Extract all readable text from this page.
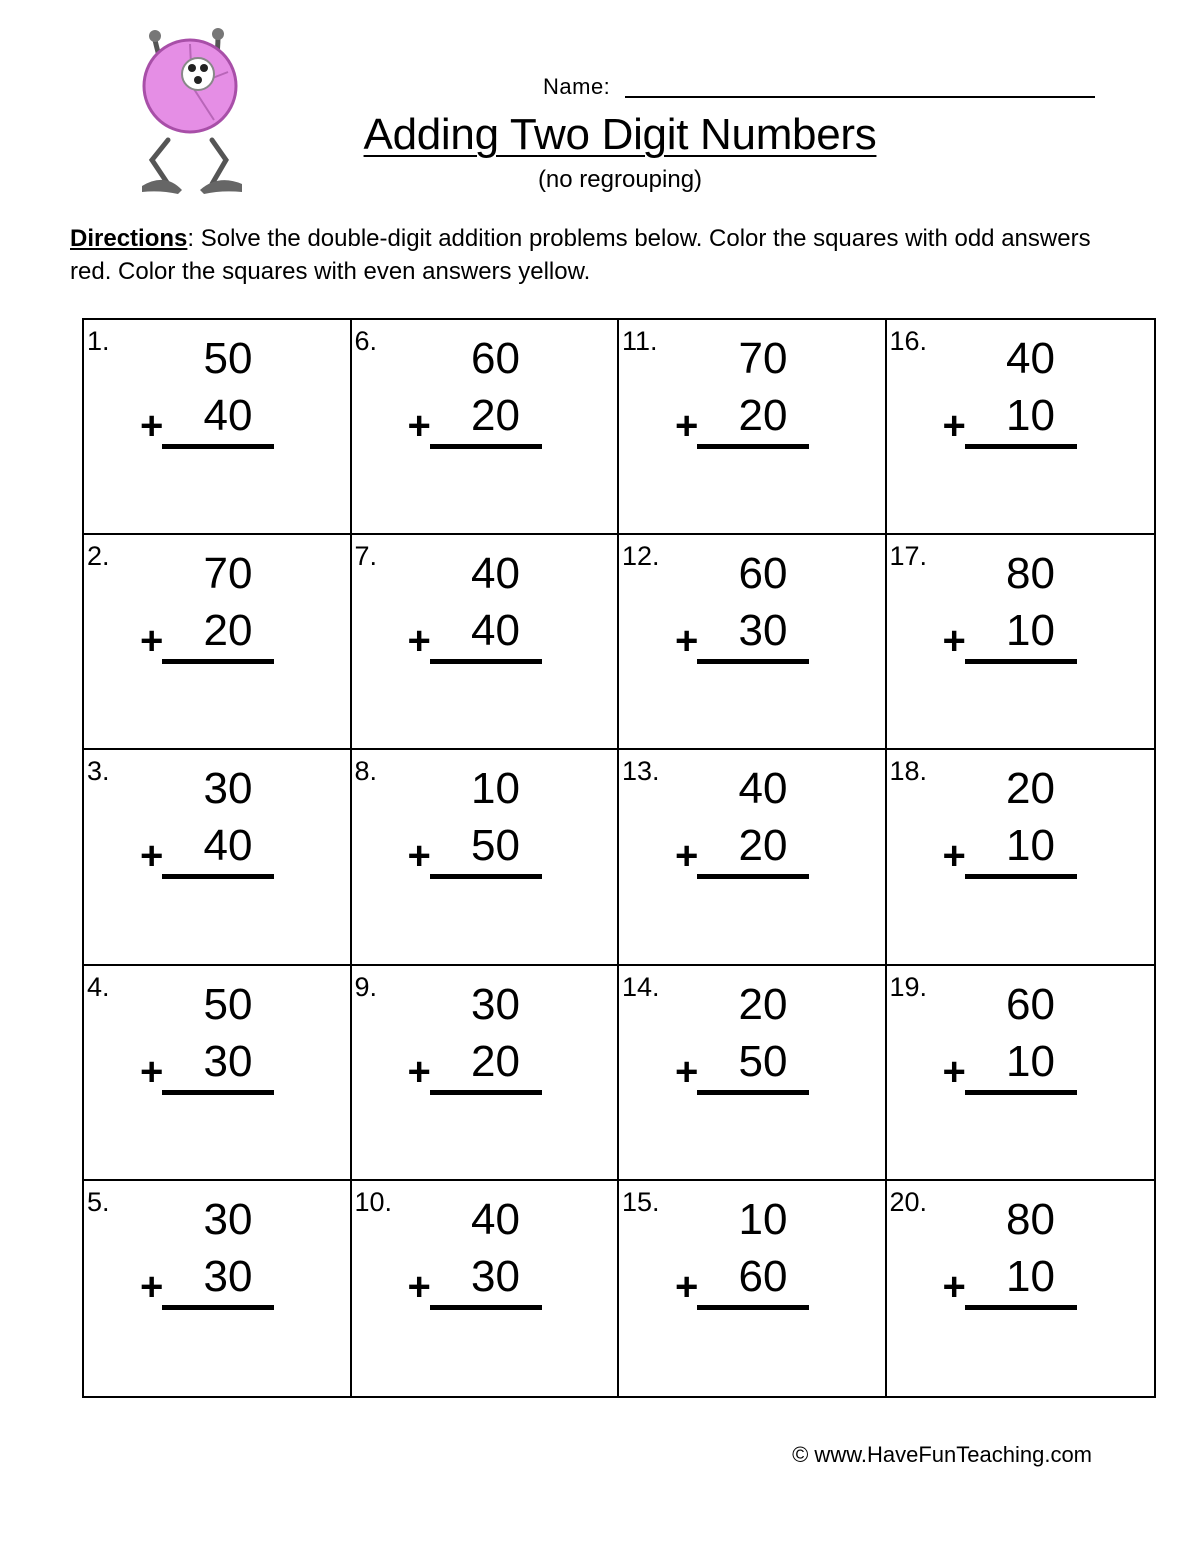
Name:
Adding Two Digit Numbers
(no regrouping)
Directions: Solve the double-digit addition problems below. Color the squares with odd answers red. Color the squares with even answers yellow.
1.	50
+ 40
6.	60
+ 20
11.	70
+ 20
16.	40
+ 10
2.	70
+ 20
7.	40
+ 40
12.	60
+ 30
17.	80
+ 10
3.	30
+ 40
8.	10
+ 50
13.	40
+ 20
18.	20
+ 10
4.	50
+ 30
9.	30
+ 20
14.	20
+ 50
19.	60
+ 10
5.	30
+ 30
10.	40
+ 30
15.	10
+ 60
20.	80
+ 10
© www.HaveFunTeaching.com
